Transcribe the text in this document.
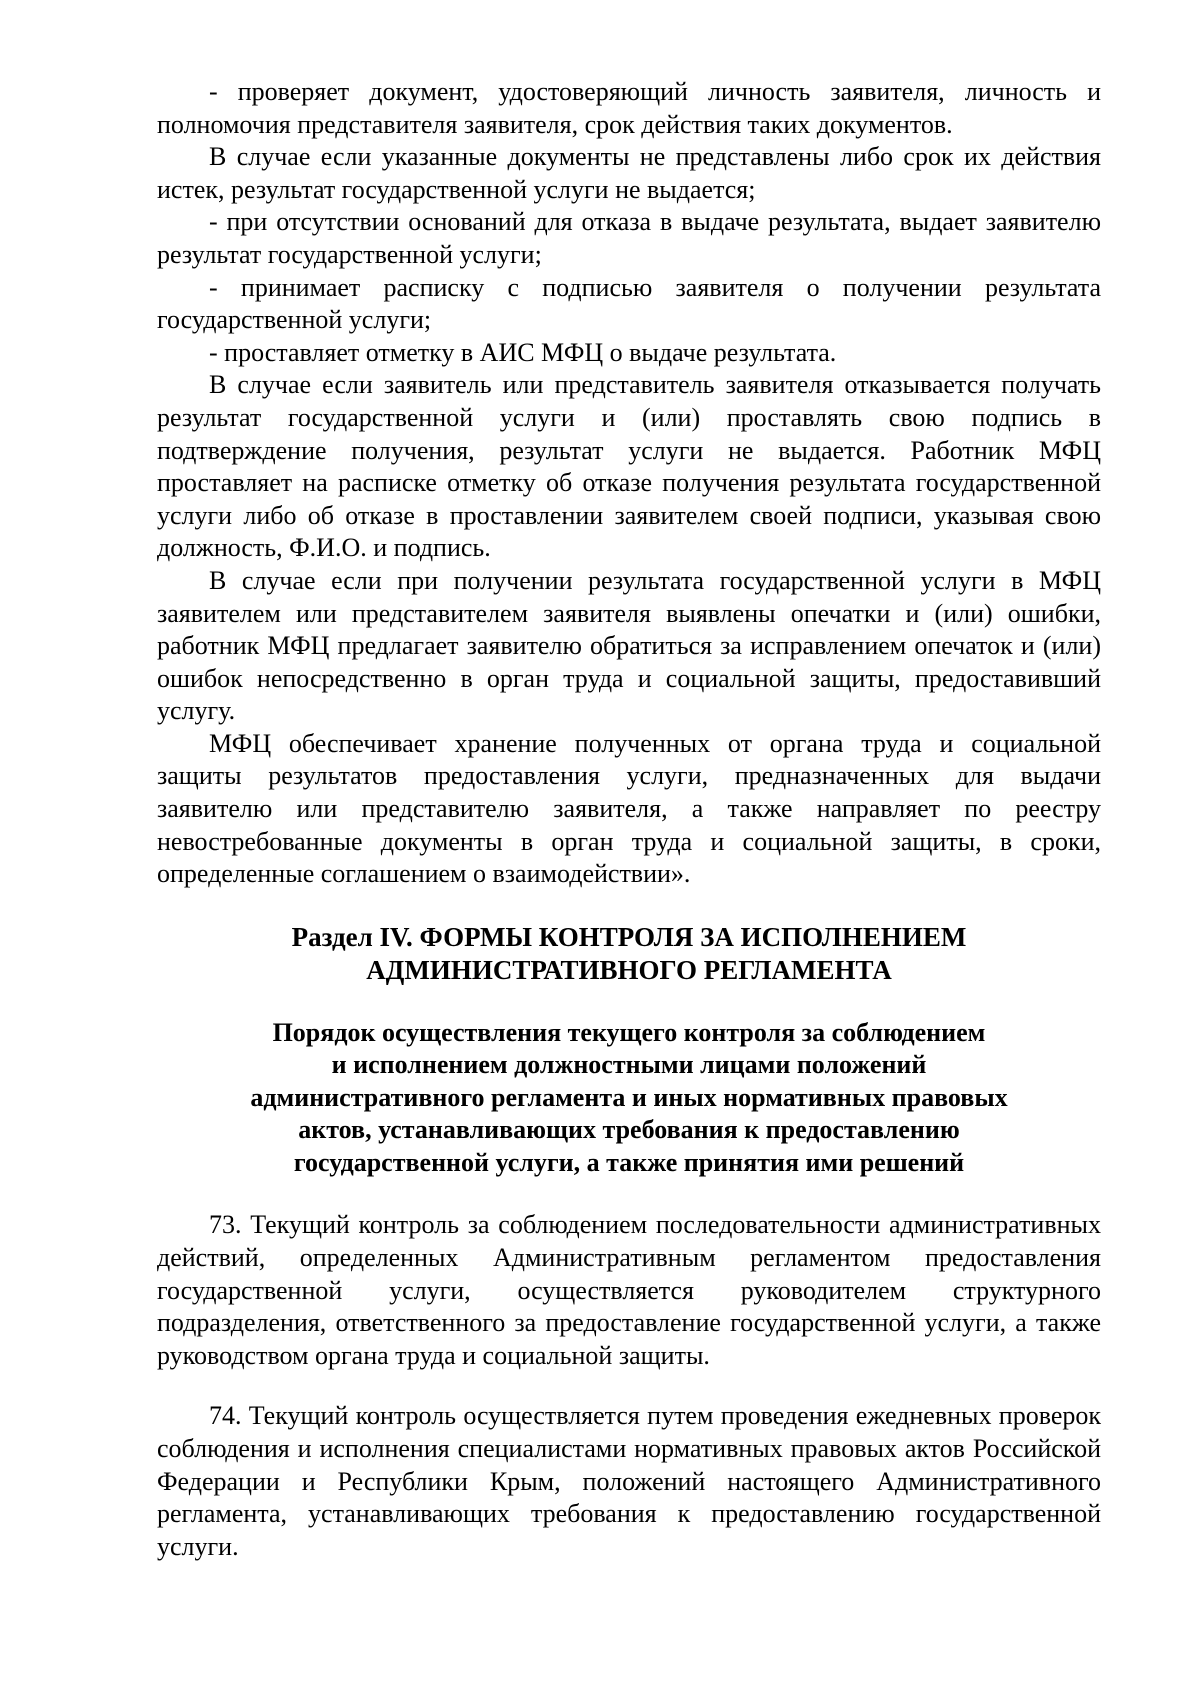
- проверяет документ, удостоверяющий личность заявителя, личность и полномочия представителя заявителя, срок действия таких документов.

В случае если указанные документы не представлены либо срок их действия истек, результат государственной услуги не выдается;

- при отсутствии оснований для отказа в выдаче результата, выдает заявителю результат государственной услуги;

- принимает расписку с подписью заявителя о получении результата государственной услуги;

- проставляет отметку в АИС МФЦ о выдаче результата.

В случае если заявитель или представитель заявителя отказывается получать результат государственной услуги и (или) проставлять свою подпись в подтверждение получения, результат услуги не выдается. Работник МФЦ проставляет на расписке отметку об отказе получения результата государственной услуги либо об отказе в проставлении заявителем своей подписи, указывая свою должность, Ф.И.О. и подпись.

В случае если при получении результата государственной услуги в МФЦ заявителем или представителем заявителя выявлены опечатки и (или) ошибки, работник МФЦ предлагает заявителю обратиться за исправлением опечаток и (или) ошибок непосредственно в орган труда и социальной защиты, предоставивший услугу.

МФЦ обеспечивает хранение полученных от органа труда и социальной защиты результатов предоставления услуги, предназначенных для выдачи заявителю или представителю заявителя, а также направляет по реестру невостребованные документы в орган труда и социальной защиты, в сроки, определенные соглашением о взаимодействии».

Раздел IV. ФОРМЫ КОНТРОЛЯ ЗА ИСПОЛНЕНИЕМ
АДМИНИСТРАТИВНОГО РЕГЛАМЕНТА
Порядок осуществления текущего контроля за соблюдением
и исполнением должностными лицами положений
административного регламента и иных нормативных правовых
актов, устанавливающих требования к предоставлению
государственной услуги, а также принятия ими решений

73. Текущий контроль за соблюдением последовательности административных действий, определенных Административным регламентом предоставления государственной услуги, осуществляется руководителем структурного подразделения, ответственного за предоставление государственной услуги, а также руководством органа труда и социальной защиты.

74. Текущий контроль осуществляется путем проведения ежедневных проверок соблюдения и исполнения специалистами нормативных правовых актов Российской Федерации и Республики Крым, положений настоящего Административного регламента, устанавливающих требования к предоставлению государственной услуги.
